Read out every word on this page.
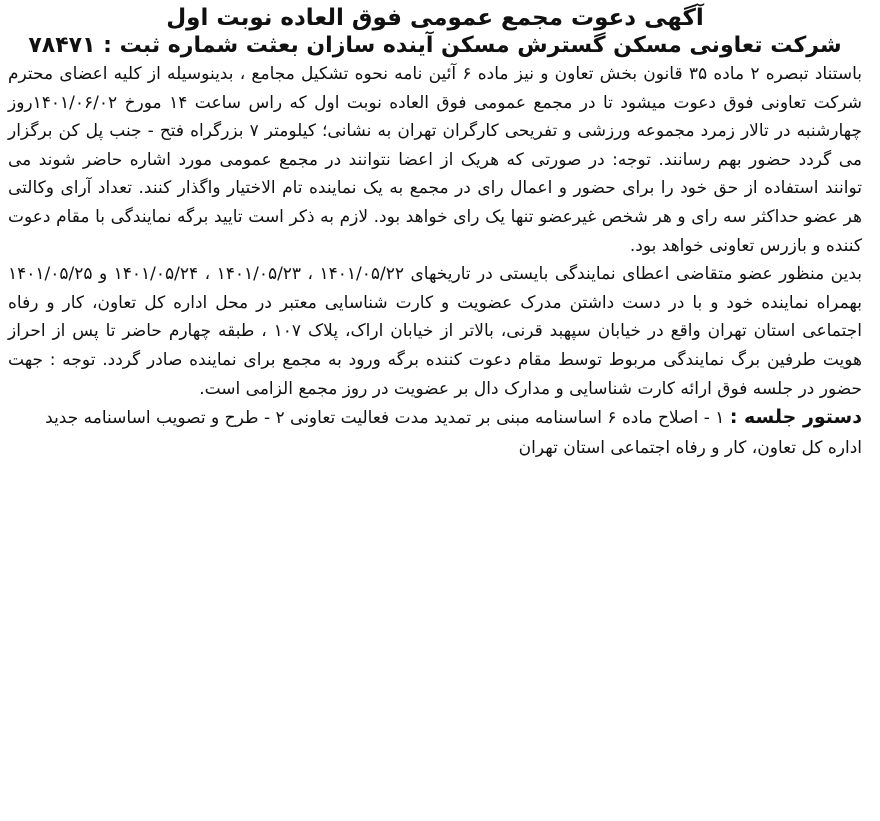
آگهی دعوت مجمع عمومی فوق العاده نوبت اول
شرکت تعاونی مسکن گسترش مسکن آینده سازان بعثت شماره ثبت : ۷۸۴۷۱

باستناد تبصره ۲ ماده ۳۵ قانون بخش تعاون و نیز ماده ۶ آئین نامه نحوه تشکیل مجامع ، بدینوسیله از کلیه اعضای محترم شرکت تعاونی فوق دعوت میشود تا در مجمع عمومی فوق العاده نوبت اول که راس ساعت ۱۴ مورخ ۱۴۰۱/۰۶/۰۲روز چهارشنبه در تالار زمرد مجموعه ورزشی و تفریحی کارگران تهران به نشانی؛ کیلومتر ۷ بزرگراه فتح - جنب پل کن برگزار می گردد حضور بهم رسانند. توجه: در صورتی که هریک از اعضا نتوانند در مجمع عمومی مورد اشاره حاضر شوند می توانند استفاده از حق خود را برای حضور و اعمال رای در مجمع به یک نماینده تام الاختیار واگذار کنند. تعداد آرای وکالتی هر عضو حداکثر سه رای و هر شخص غیرعضو تنها یک رای خواهد بود. لازم به ذکر است تایید برگه نمایندگی با مقام دعوت کننده و بازرس تعاونی خواهد بود.

بدین منظور عضو متقاضی اعطای نمایندگی بایستی در تاریخهای ۱۴۰۱/۰۵/۲۲ ، ۱۴۰۱/۰۵/۲۳ ، ۱۴۰۱/۰۵/۲۴ و ۱۴۰۱/۰۵/۲۵ بهمراه نماینده خود و با در دست داشتن مدرک عضویت و کارت شناسایی معتبر در محل اداره کل تعاون، کار و رفاه اجتماعی استان تهران واقع در خیابان سپهبد قرنی، بالاتر از خیابان اراک، پلاک ۱۰۷ ، طبقه چهارم حاضر تا پس از احراز هویت طرفین برگ نمایندگی مربوط توسط مقام دعوت کننده برگه ورود به مجمع برای نماینده صادر گردد. توجه : جهت حضور در جلسه فوق ارائه کارت شناسایی و مدارک دال بر عضویت در روز مجمع الزامی است.

دستور جلسه : ۱ - اصلاح ماده ۶ اساسنامه مبنی بر تمدید مدت فعالیت تعاونی ۲ - طرح و تصویب اساسنامه جدید

اداره کل تعاون، کار و رفاه اجتماعی استان تهران
